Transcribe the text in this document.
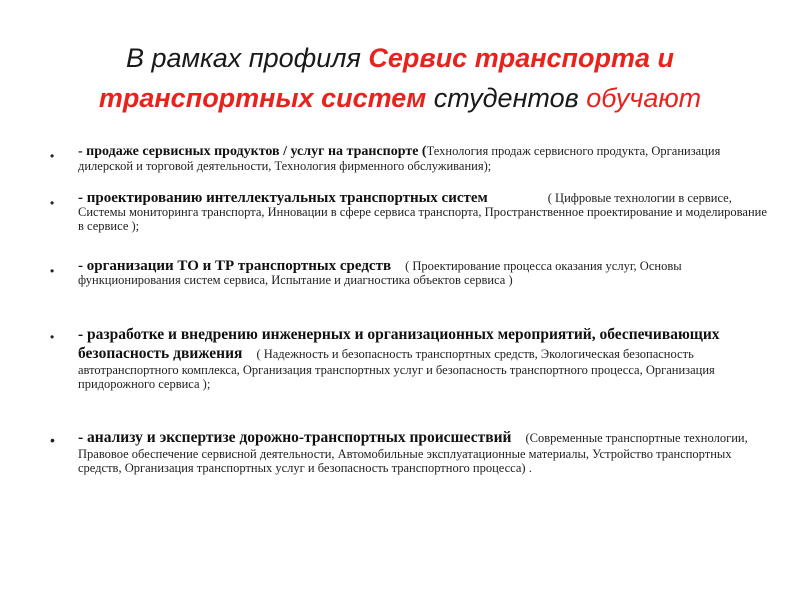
В рамках профиля Сервис транспорта и
транспортных систем студентов обучают
•	- продаже сервисных продуктов / услуг на транспорте (Технология продаж сервисного продукта, Организация дилерской и торговой деятельности, Технология фирменного обслуживания);
•	- проектированию интеллектуальных транспортных систем	( Цифровые технологии в сервисе, Системы мониторинга транспорта, Инновации в сфере сервиса транспорта, Пространственное проектирование и моделирование в сервисе );
•	- организации ТО и ТР транспортных средств ( Проектирование процесса оказания услуг, Основы функционирования систем сервиса, Испытание и диагностика объектов сервиса )
•	- разработке и внедрению инженерных и организационных мероприятий, обеспечивающих безопасность движения ( Надежность и безопасность транспортных средств, Экологическая безопасность автотранспортного комплекса, Организация транспортных услуг и безопасность транспортного процесса, Организация придорожного сервиса );
•	- анализу и экспертизе дорожно-транспортных происшествий (Современные транспортные технологии, Правовое обеспечение сервисной деятельности, Автомобильные эксплуатационные материалы, Устройство транспортных средств, Организация транспортных услуг и безопасность транспортного процесса) .
